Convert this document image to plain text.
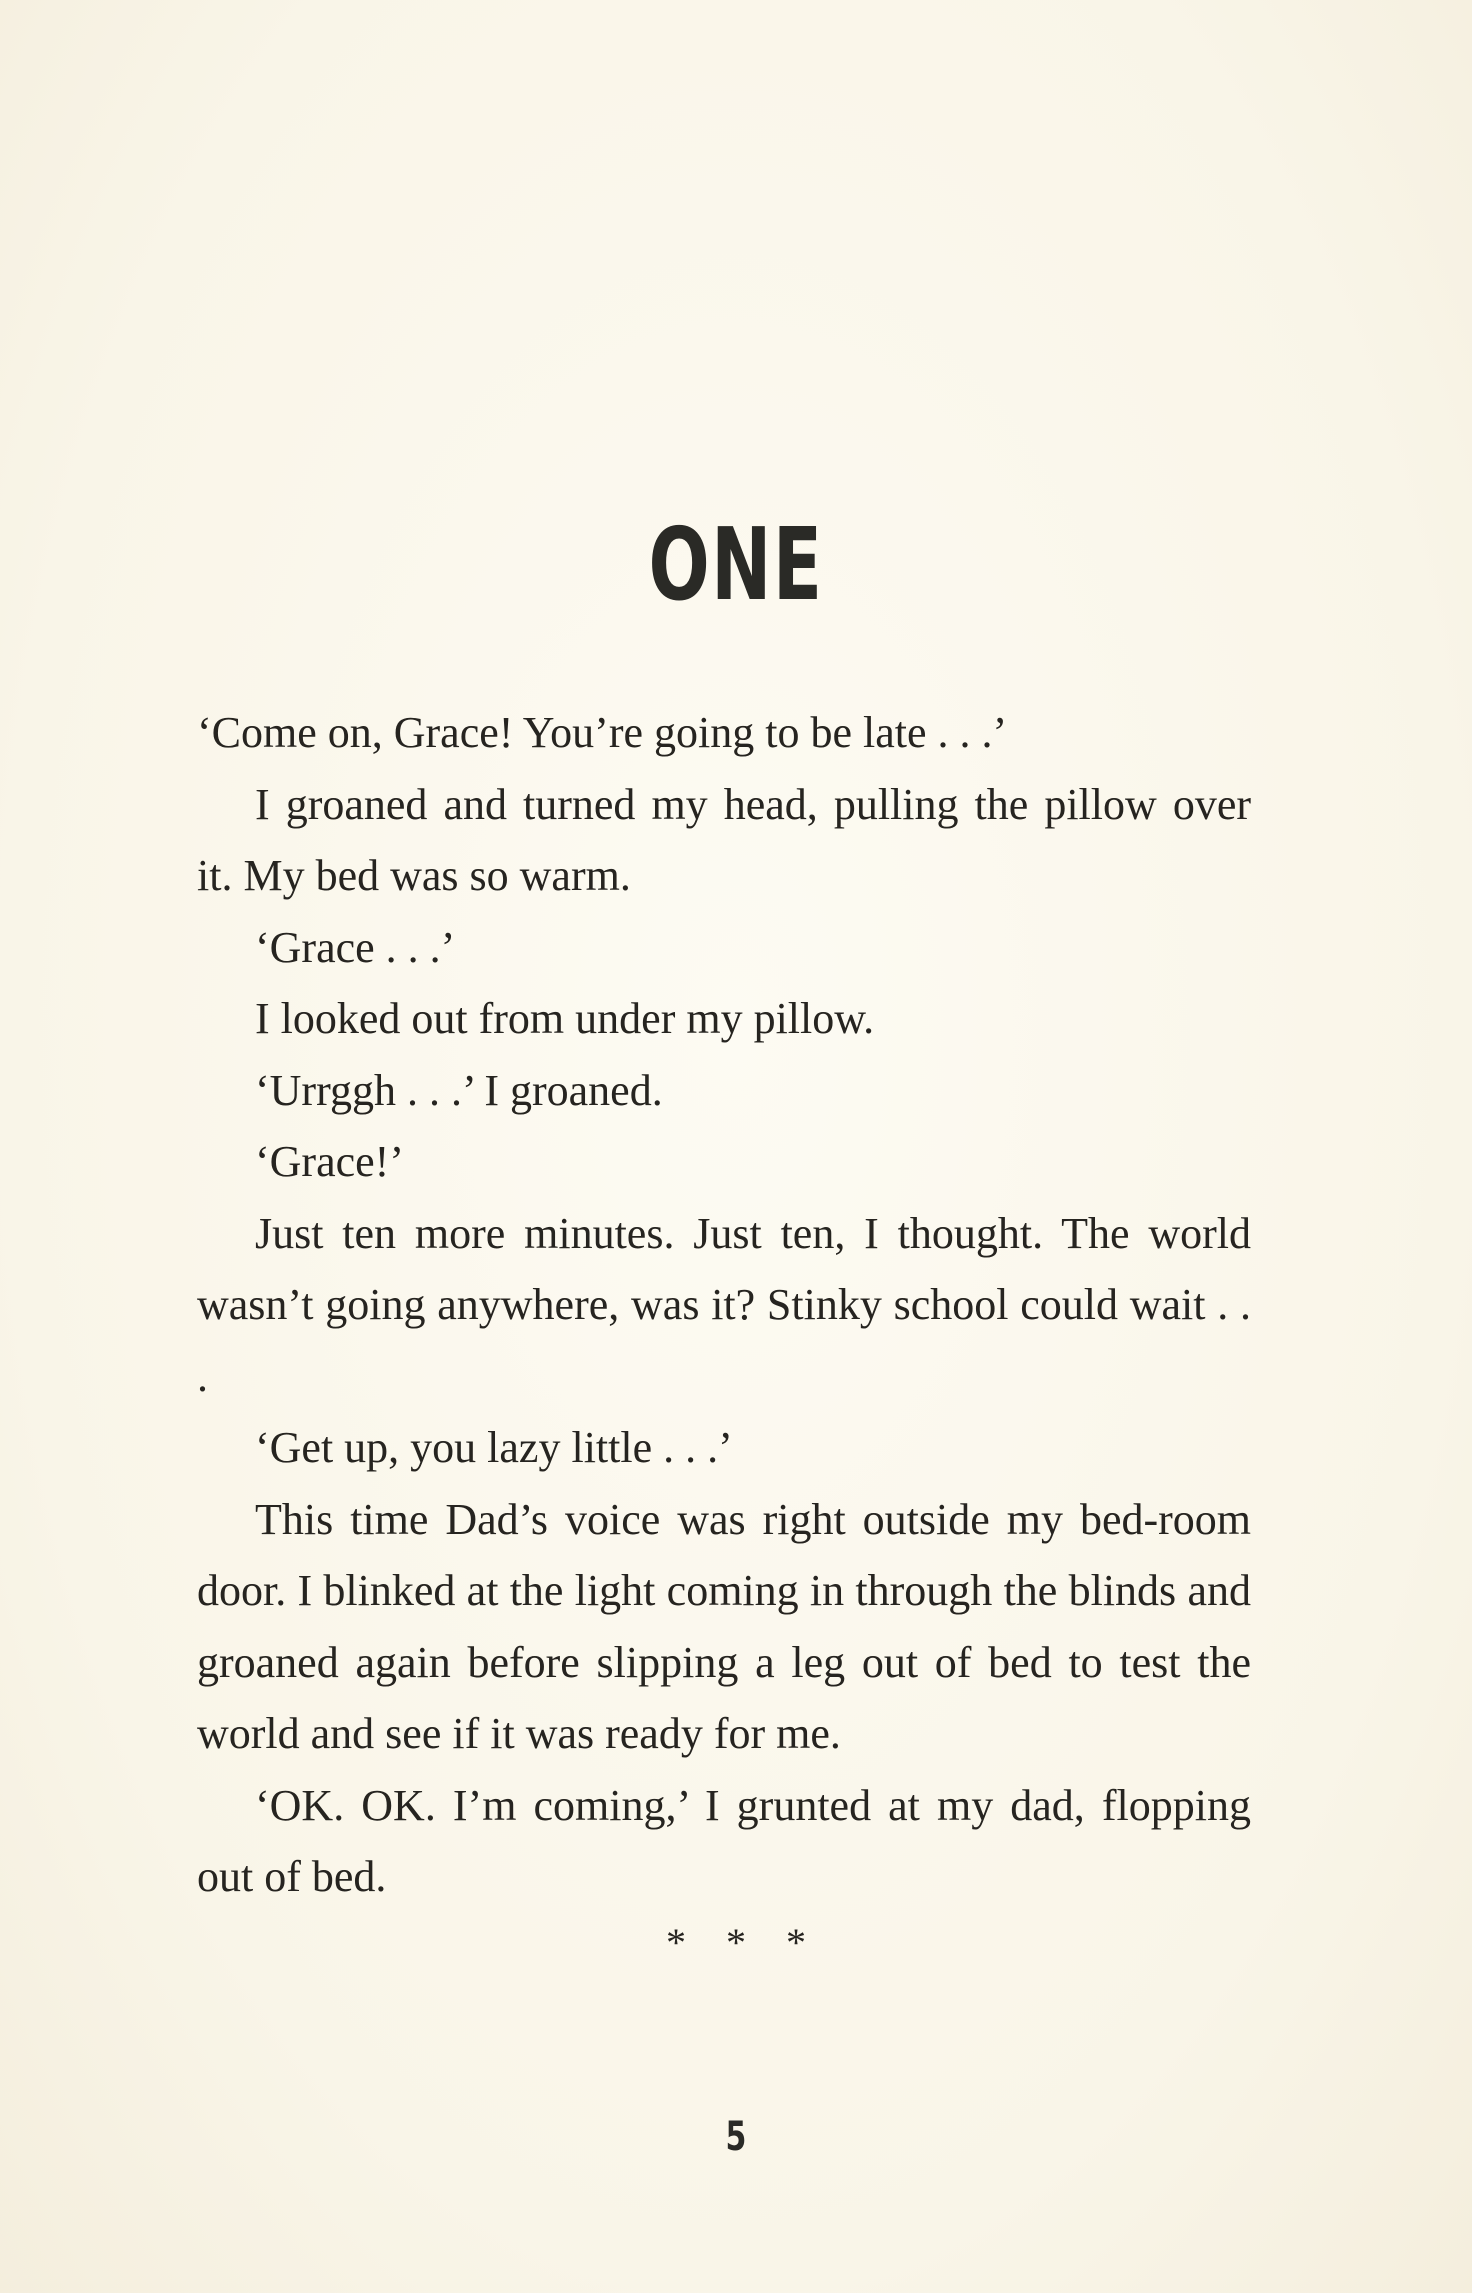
ONE

‘Come on, Grace! You’re going to be late . . .’

I groaned and turned my head, pulling the pillow over it. My bed was so warm.

‘Grace . . .’

I looked out from under my pillow.

‘Urrggh . . .’ I groaned.

‘Grace!’

Just ten more minutes. Just ten, I thought. The world wasn’t going anywhere, was it? Stinky school could wait . . .

‘Get up, you lazy little . . .’

This time Dad’s voice was right outside my bed-room door. I blinked at the light coming in through the blinds and groaned again before slipping a leg out of bed to test the world and see if it was ready for me.

‘OK. OK. I’m coming,’ I grunted at my dad, flopping out of bed.

* * *
5
